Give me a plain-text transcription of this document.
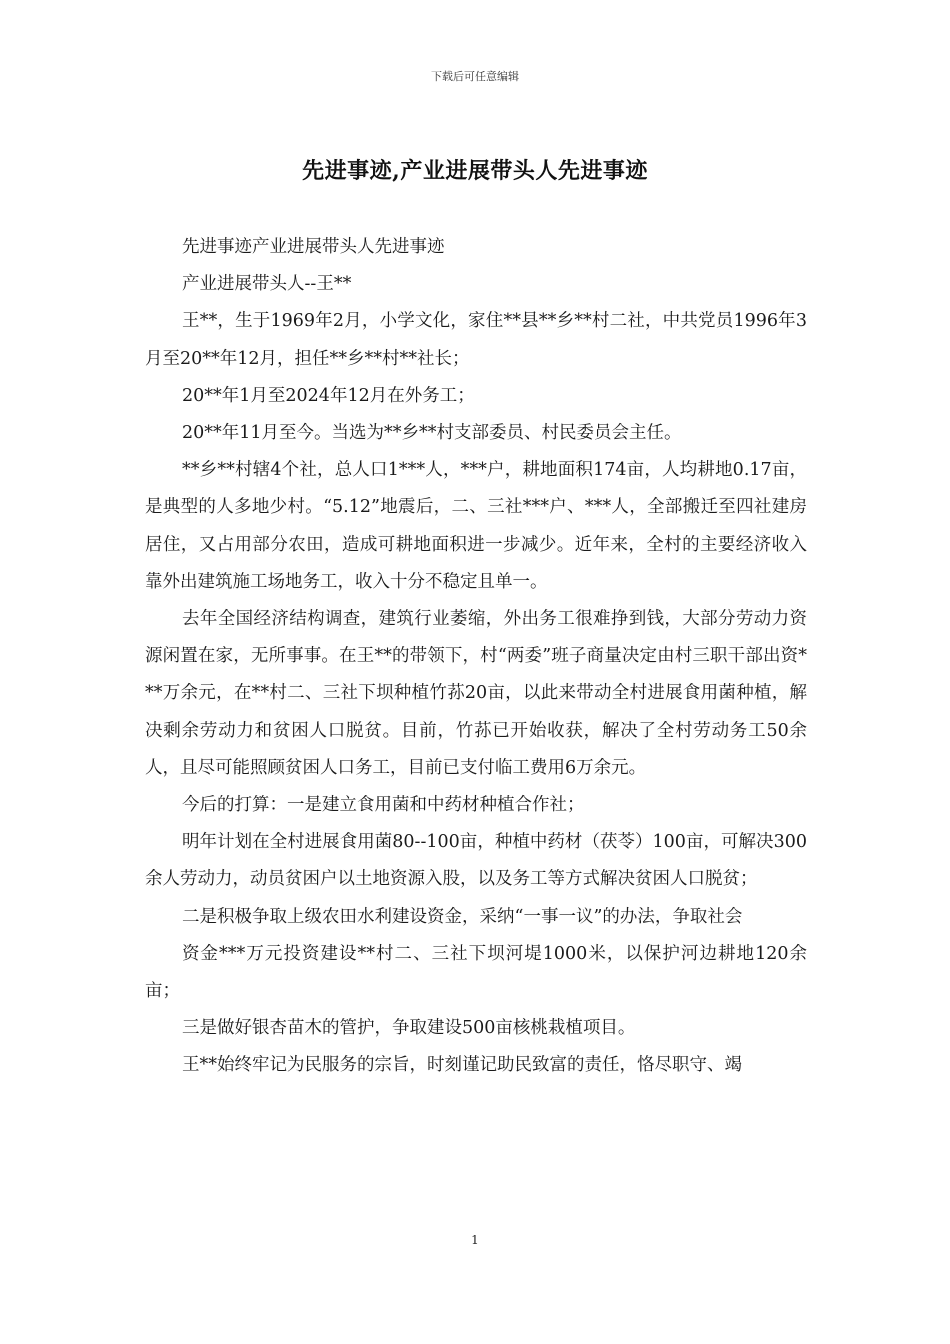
下载后可任意编辑
先进事迹,产业进展带头人先进事迹

先进事迹产业进展带头人先进事迹

产业进展带头人--王**

王**，生于1969年2月，小学文化，家住**县**乡**村二社，中共党员1996年3月至20**年12月，担任**乡**村**社长；

20**年1月至2024年12月在外务工；

20**年11月至今。当选为**乡**村支部委员、村民委员会主任。

**乡**村辖4个社，总人口1***人，***户，耕地面积174亩，人均耕地0.17亩，是典型的人多地少村。“5.12”地震后，二、三社***户、***人，全部搬迁至四社建房居住，又占用部分农田，造成可耕地面积进一步减少。近年来，全村的主要经济收入靠外出建筑施工场地务工，收入十分不稳定且单一。

去年全国经济结构调查，建筑行业萎缩，外出务工很难挣到钱，大部分劳动力资源闲置在家，无所事事。在王**的带领下，村“两委”班子商量决定由村三职干部出资***万余元，在**村二、三社下坝种植竹荪20亩，以此来带动全村进展食用菌种植，解决剩余劳动力和贫困人口脱贫。目前，竹荪已开始收获，解决了全村劳动务工50余人，且尽可能照顾贫困人口务工，目前已支付临工费用6万余元。

今后的打算：一是建立食用菌和中药材种植合作社；

明年计划在全村进展食用菌80--100亩，种植中药材（茯苓）100亩，可解决300余人劳动力，动员贫困户以土地资源入股，以及务工等方式解决贫困人口脱贫；

二是积极争取上级农田水利建设资金，采纳“一事一议”的办法，争取社会

资金***万元投资建设**村二、三社下坝河堤1000米，以保护河边耕地120余亩；

三是做好银杏苗木的管护，争取建设500亩核桃栽植项目。

王**始终牢记为民服务的宗旨，时刻谨记助民致富的责任，恪尽职守、竭

1
